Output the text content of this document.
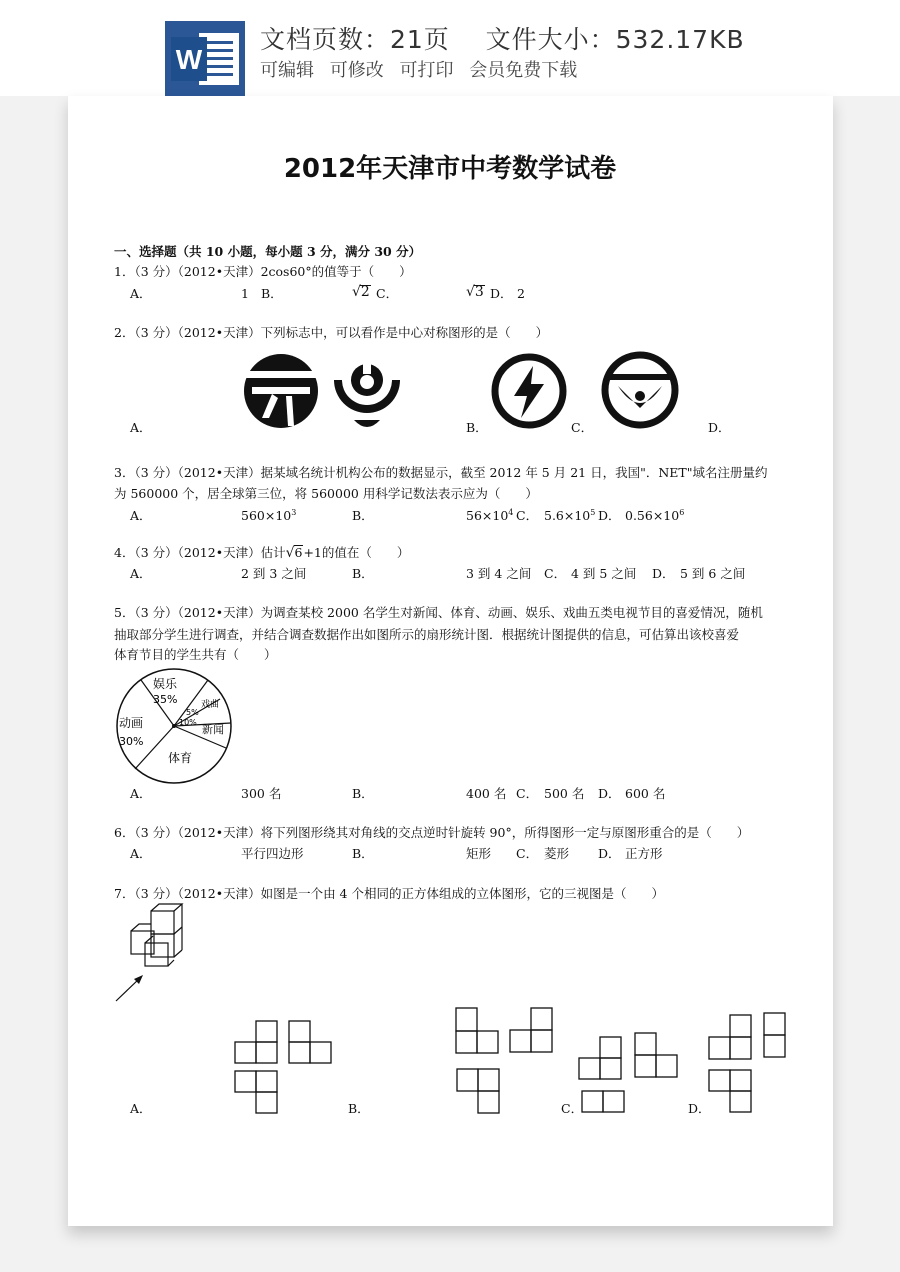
W
文档页数：21页 文件大小：532.17KB
可编辑 可修改 可打印 会员免费下载
2012年天津市中考数学试卷
一、选择题（共 10 小题，每小题 3 分，满分 30 分）
1．（3 分）（2012•天津）2cos60°的值等于（　　）
A．	1 B．	√2 C．	√3 D． 2
2．（3 分）（2012•天津）下列标志中，可以看作是中心对称图形的是（　　）
A．	B．	C．	D．
3．（3 分）（2012•天津）据某域名统计机构公布的数据显示，截至 2012 年 5 月 21 日，我国"．NET"域名注册量约
为 560000 个，居全球第三位，将 560000 用科学记数法表示应为（　　）
A．	$560\times 10^3$	B．	$56\times 10^4$ C． $5.6\times 10^5$ D． $0.56\times 10^6$
4．（3 分）（2012•天津）估计√6+1的值在（　　）
A．	2 到 3 之间	B．	3 到 4 之间 C． 4 到 5 之间 D． 5 到 6 之间
5．（3 分）（2012•天津）为调查某校 2000 名学生对新闻、体育、动画、娱乐、戏曲五类电视节目的喜爱情况，随机
抽取部分学生进行调查，并结合调查数据作出如图所示的扇形统计图．根据统计图提供的信息，可估算出该校喜爱
体育节目的学生共有（　　）
娱乐
35%
动画
30%
戏曲
5%
10%
新闻
体育
A．	300 名	B．	400 名 C． 500 名 D． 600 名
6．（3 分）（2012•天津）将下列图形绕其对角线的交点逆时针旋转 90°，所得图形一定与原图形重合的是（　　）
A．	平行四边形	B．	矩形 C． 菱形 D． 正方形
7．（3 分）（2012•天津）如图是一个由 4 个相同的正方体组成的立体图形，它的三视图是（　　）
A．	B．	C．	D．
